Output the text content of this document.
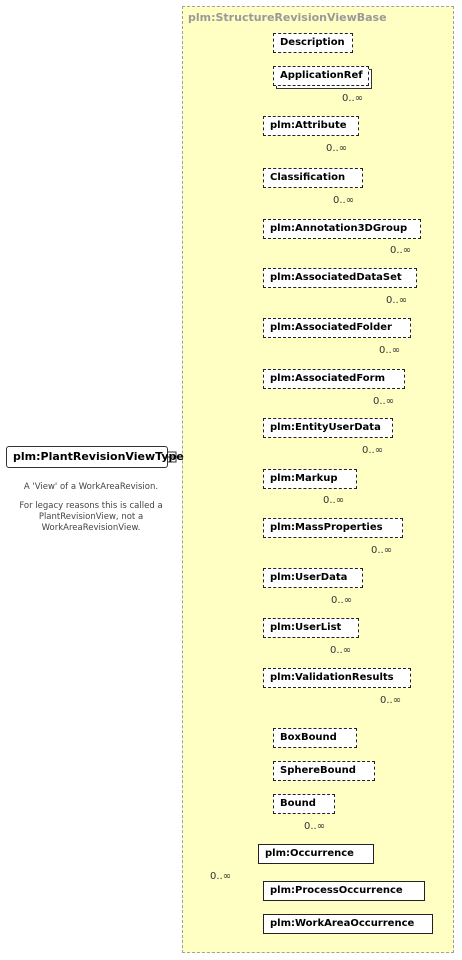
plm:StructureRevisionViewBase
plm:PlantRevisionViewType

A 'View' of a WorkAreaRevision.

For legacy reasons this is called a PlantRevisionView, not a WorkAreaRevisionView.

Description
ApplicationRef
0..∞
plm:Attribute
0..∞
Classification
0..∞
plm:Annotation3DGroup
0..∞
plm:AssociatedDataSet
0..∞
plm:AssociatedFolder
0..∞
plm:AssociatedForm
0..∞
plm:EntityUserData
0..∞
plm:Markup
0..∞
plm:MassProperties
0..∞
plm:UserData
0..∞
plm:UserList
0..∞
plm:ValidationResults
0..∞
BoxBound
SphereBound
Bound
0..∞
0..∞
plm:Occurrence
plm:ProcessOccurrence
plm:WorkAreaOccurrence
